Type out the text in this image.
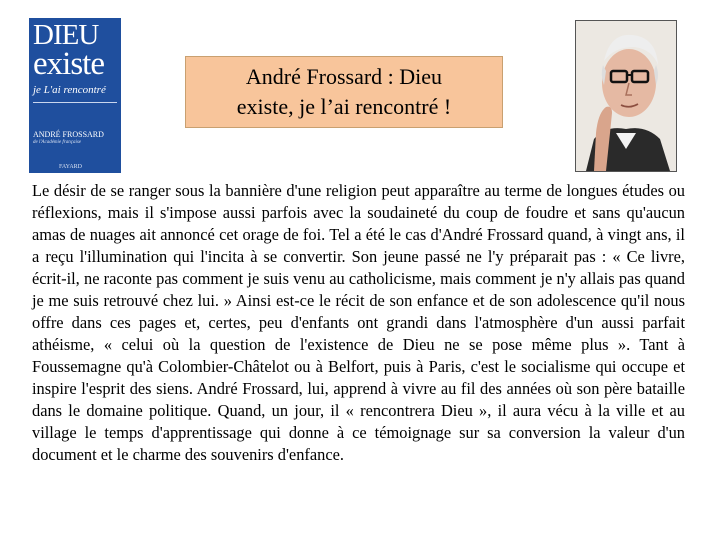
DIEU
existe
je L'ai rencontré
ANDRÉ FROSSARD
de l'Académie française
FAYARD
André Frossard : Dieu
existe, je l’ai rencontré !

Le désir de se ranger sous la bannière d'une religion peut apparaître au terme de longues études ou réflexions, mais il s'impose aussi parfois avec la soudaineté du coup de foudre et sans qu'aucun amas de nuages ait annoncé cet orage de foi. Tel a été le cas d'André Frossard quand, à vingt ans, il a reçu l'illumination qui l'incita à se convertir. Son jeune passé ne l'y préparait pas : « Ce livre, écrit-il, ne raconte pas comment je suis venu au catholicisme, mais comment je n'y allais pas quand je me suis retrouvé chez lui. » Ainsi est-ce le récit de son enfance et de son adolescence qu'il nous offre dans ces pages et, certes, peu d'enfants ont grandi dans l'atmosphère d'un aussi parfait athéisme, « celui où la question de l'existence de Dieu ne se pose même plus ». Tant à Foussemagne qu'à Colombier-Châtelot ou à Belfort, puis à Paris, c'est le socialisme qui occupe et inspire l'esprit des siens. André Frossard, lui, apprend à vivre au fil des années où son père bataille dans le domaine politique. Quand, un jour, il « rencontrera Dieu », il aura vécu à la ville et au village le temps d'apprentissage qui donne à ce témoignage sur sa conversion la valeur d'un document et le charme des souvenirs d'enfance.
